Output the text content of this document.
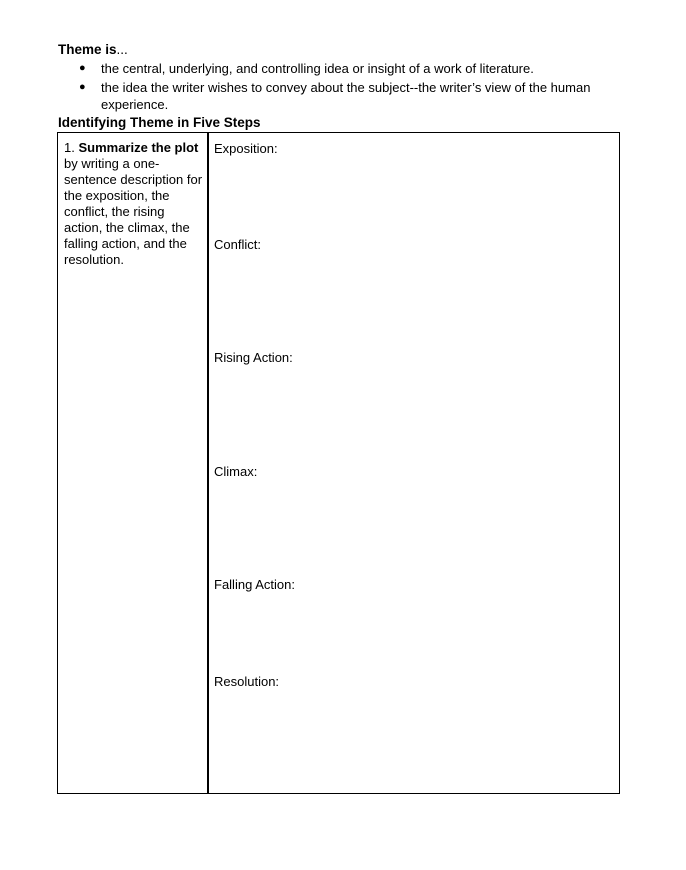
Theme is...
● the central, underlying, and controlling idea or insight of a work of literature.
● the idea the writer wishes to convey about the subject--the writer’s view of the human experience.
Identifying Theme in Five Steps
1. Summarize the plot by writing a one-sentence description for the exposition, the conflict, the rising action, the climax, the falling action, and the resolution.
Exposition:
Conflict:
Rising Action:
Climax:
Falling Action:
Resolution:
